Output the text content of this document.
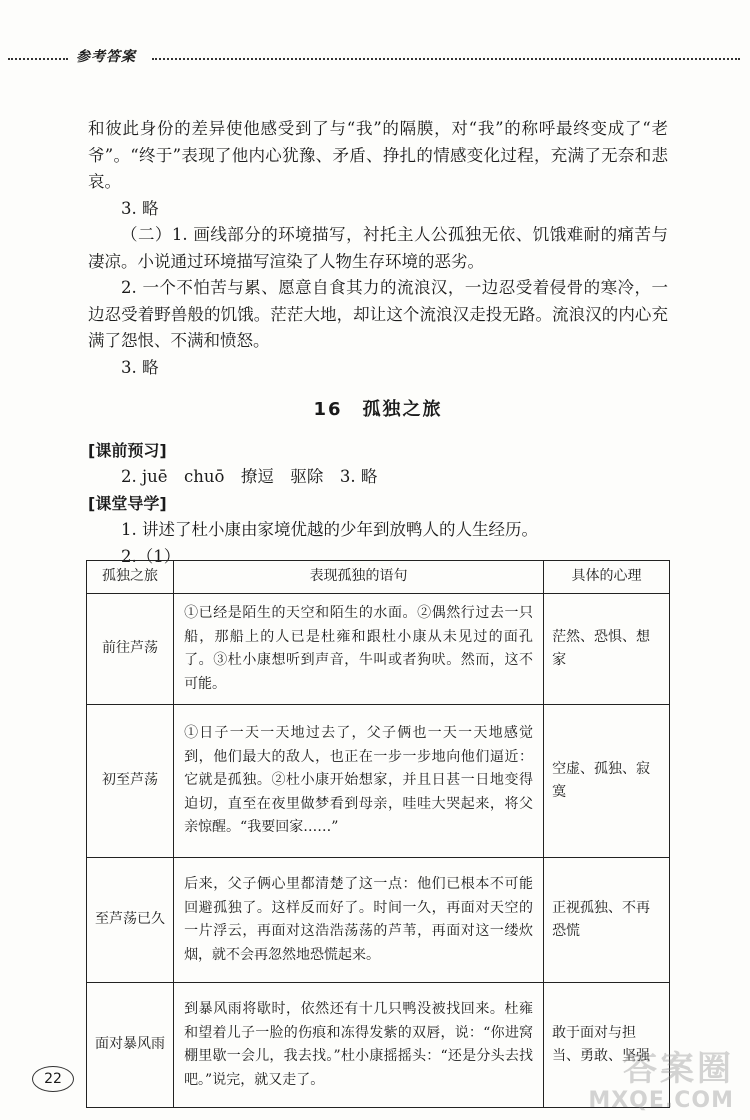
参考答案

和彼此身份的差异使他感受到了与“我”的隔膜，对“我”的称呼最终变成了“老爷”。“终于”表现了他内心犹豫、矛盾、挣扎的情感变化过程，充满了无奈和悲哀。

3. 略

（二）1. 画线部分的环境描写，衬托主人公孤独无依、饥饿难耐的痛苦与凄凉。小说通过环境描写渲染了人物生存环境的恶劣。

2. 一个不怕苦与累、愿意自食其力的流浪汉，一边忍受着侵骨的寒冷，一边忍受着野兽般的饥饿。茫茫大地，却让这个流浪汉走投无路。流浪汉的内心充满了怨恨、不满和愤怒。

3. 略

16　孤独之旅

[课前预习]

2. juē　chuō　撩逗　驱除　3. 略

[课堂导学]

1. 讲述了杜小康由家境优越的少年到放鸭人的人生经历。

2.（1）

孤独之旅	表现孤独的语句	具体的心理
前往芦荡	①已经是陌生的天空和陌生的水面。②偶然行过去一只船，那船上的人已是杜雍和跟杜小康从未见过的面孔了。③杜小康想听到声音，牛叫或者狗吠。然而，这不可能。	茫然、恐惧、想家
初至芦荡	①日子一天一天地过去了，父子俩也一天一天地感觉到，他们最大的敌人，也正在一步一步地向他们逼近：它就是孤独。②杜小康开始想家，并且日甚一日地变得迫切，直至在夜里做梦看到母亲，哇哇大哭起来，将父亲惊醒。“我要回家……”	空虚、孤独、寂寞
至芦荡已久	后来，父子俩心里都清楚了这一点：他们已根本不可能回避孤独了。这样反而好了。时间一久，再面对天空的一片浮云，再面对这浩浩荡荡的芦苇，再面对这一缕炊烟，就不会再忽然地恐慌起来。	正视孤独、不再恐慌
面对暴风雨	到暴风雨将歇时，依然还有十几只鸭没被找回来。杜雍和望着儿子一脸的伤痕和冻得发紫的双唇，说：“你进窝棚里歇一会儿，我去找。”杜小康摇摇头：“还是分头去找吧。”说完，就又走了。	敢于面对与担当、勇敢、坚强
22	答案圈
MXQE.COM
